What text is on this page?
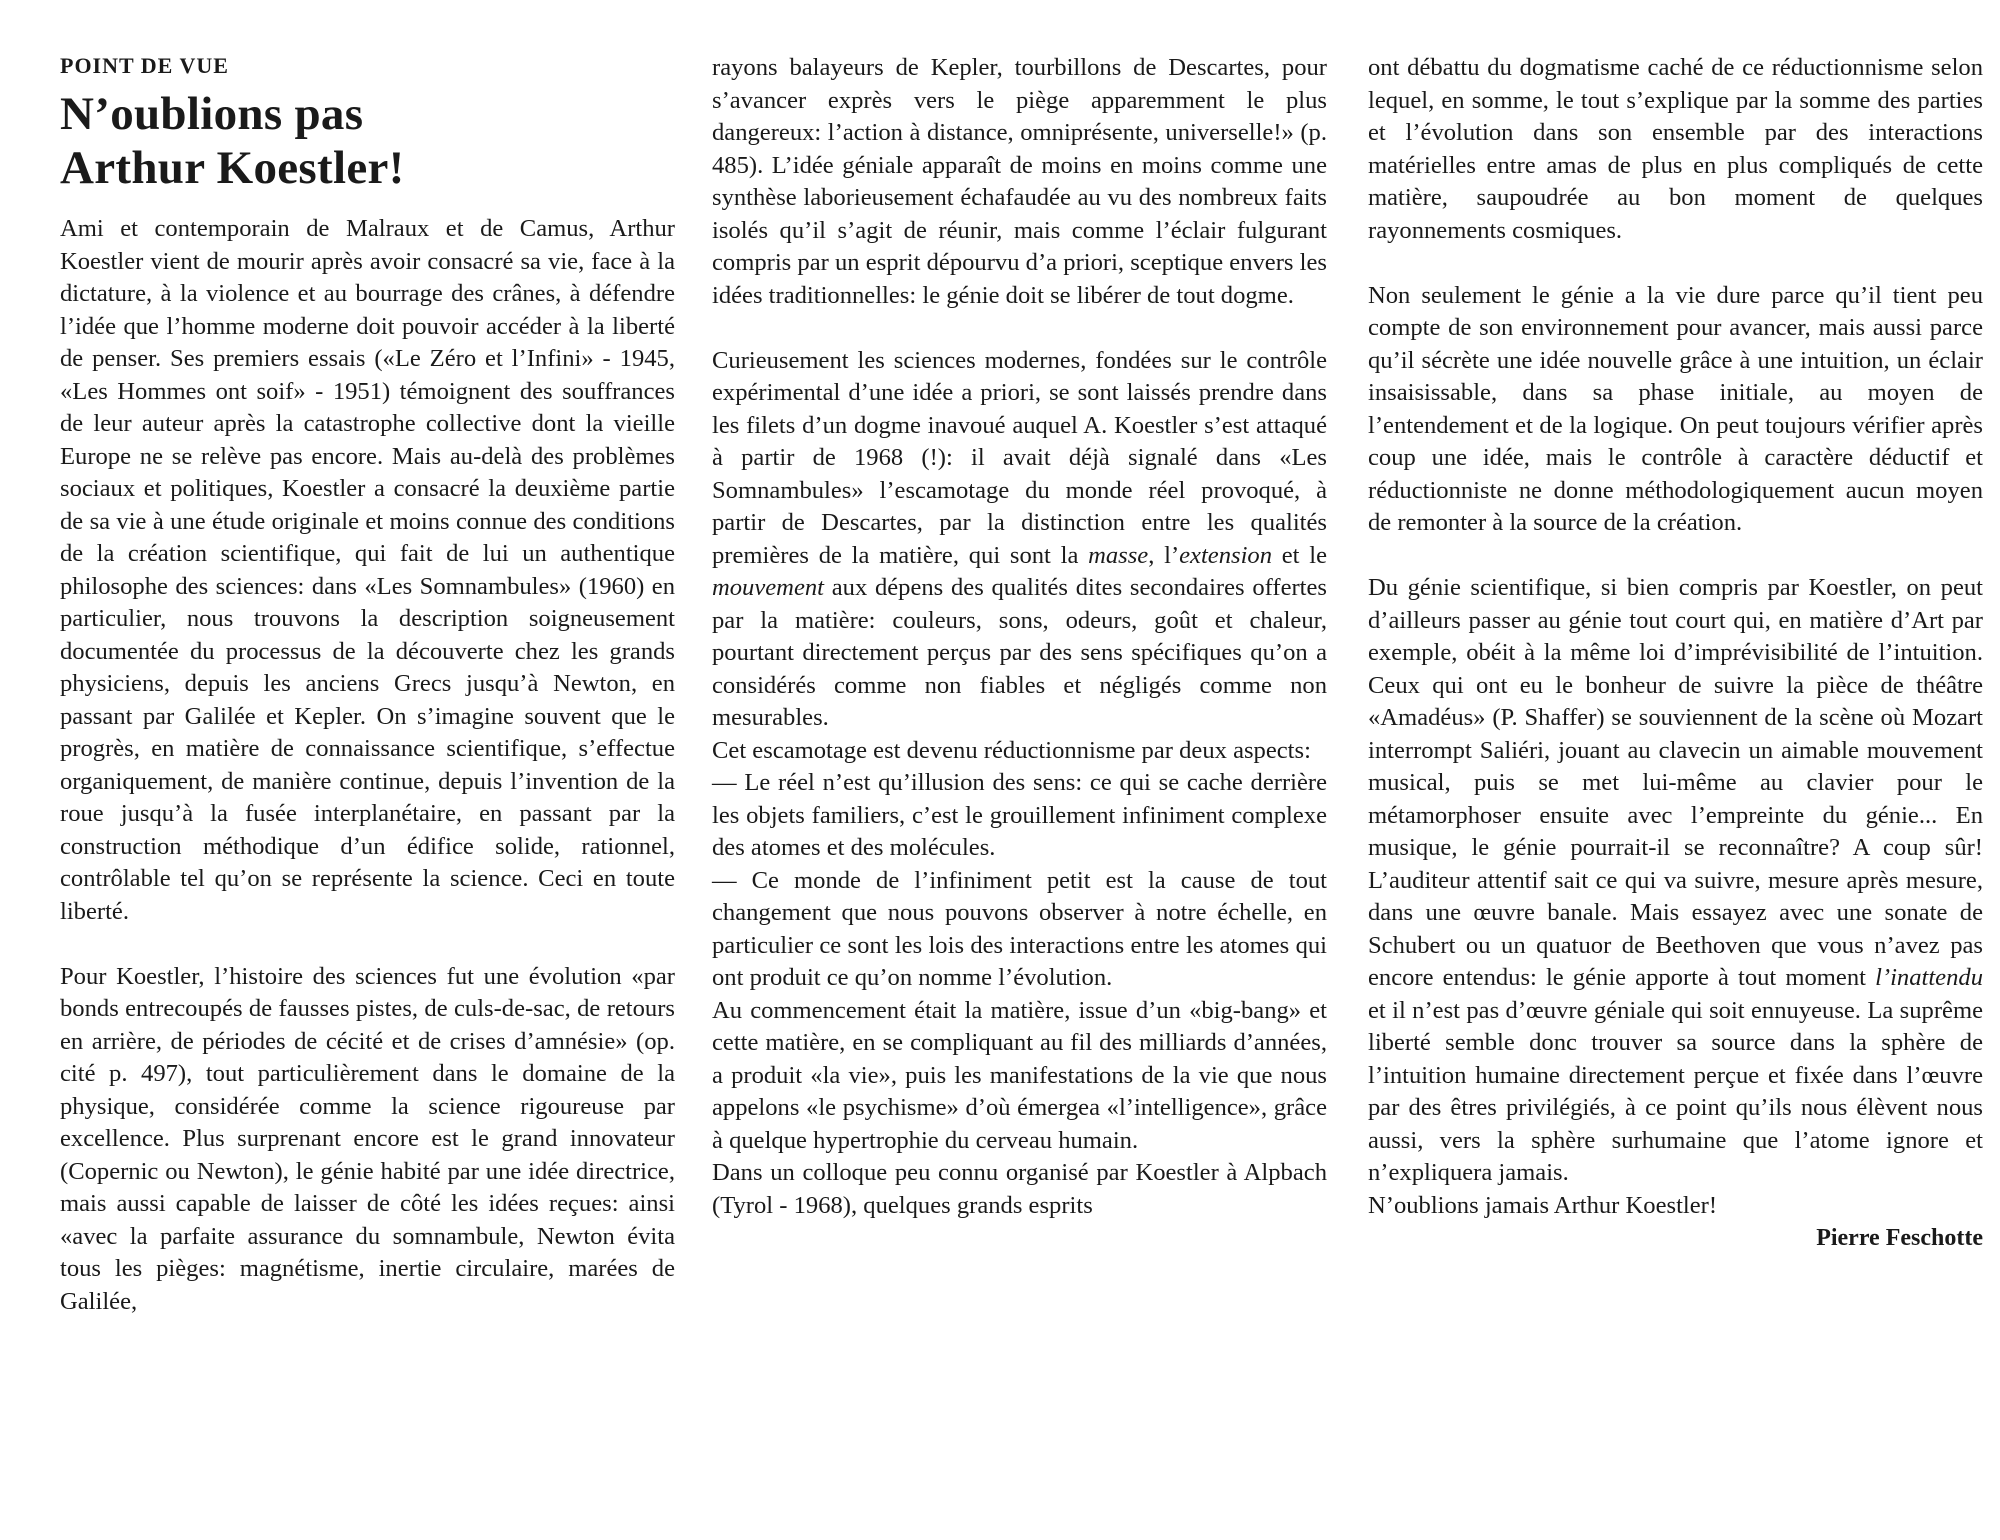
POINT DE VUE

N’oublions pas
Arthur Koestler!

Ami et contemporain de Malraux et de Camus, Arthur Koestler vient de mourir après avoir consacré sa vie, face à la dictature, à la violence et au bourrage des crânes, à défendre l’idée que l’homme moderne doit pouvoir accéder à la liberté de penser. Ses premiers essais («Le Zéro et l’Infini» - 1945, «Les Hommes ont soif» - 1951) témoignent des souffrances de leur auteur après la catastrophe collective dont la vieille Europe ne se relève pas encore. Mais au-delà des problèmes sociaux et politiques, Koestler a consacré la deuxième partie de sa vie à une étude originale et moins connue des conditions de la création scientifique, qui fait de lui un authentique philosophe des sciences: dans «Les Somnambules» (1960) en particulier, nous trouvons la description soigneusement documentée du processus de la découverte chez les grands physiciens, depuis les anciens Grecs jusqu’à Newton, en passant par Galilée et Kepler. On s’imagine souvent que le progrès, en matière de connaissance scientifique, s’effectue organiquement, de manière continue, depuis l’invention de la roue jusqu’à la fusée interplanétaire, en passant par la construction méthodique d’un édifice solide, rationnel, contrôlable tel qu’on se représente la science. Ceci en toute liberté.

Pour Koestler, l’histoire des sciences fut une évolution «par bonds entrecoupés de fausses pistes, de culs-de-sac, de retours en arrière, de périodes de cécité et de crises d’amnésie» (op. cité p. 497), tout particulièrement dans le domaine de la physique, considérée comme la science rigoureuse par excellence. Plus surprenant encore est le grand innovateur (Copernic ou Newton), le génie habité par une idée directrice, mais aussi capable de laisser de côté les idées reçues: ainsi «avec la parfaite assurance du somnambule, Newton évita tous les pièges: magnétisme, inertie circulaire, marées de Galilée,

rayons balayeurs de Kepler, tourbillons de Descartes, pour s’avancer exprès vers le piège apparemment le plus dangereux: l’action à distance, omniprésente, universelle!» (p. 485). L’idée géniale apparaît de moins en moins comme une synthèse laborieusement échafaudée au vu des nombreux faits isolés qu’il s’agit de réunir, mais comme l’éclair fulgurant compris par un esprit dépourvu d’a priori, sceptique envers les idées traditionnelles: le génie doit se libérer de tout dogme.

Curieusement les sciences modernes, fondées sur le contrôle expérimental d’une idée a priori, se sont laissés prendre dans les filets d’un dogme inavoué auquel A. Koestler s’est attaqué à partir de 1968 (!): il avait déjà signalé dans «Les Somnambules» l’escamotage du monde réel provoqué, à partir de Descartes, par la distinction entre les qualités premières de la matière, qui sont la masse, l’extension et le mouvement aux dépens des qualités dites secondaires offertes par la matière: couleurs, sons, odeurs, goût et chaleur, pourtant directement perçus par des sens spécifiques qu’on a considérés comme non fiables et négligés comme non mesurables.

Cet escamotage est devenu réductionnisme par deux aspects:

— Le réel n’est qu’illusion des sens: ce qui se cache derrière les objets familiers, c’est le grouillement infiniment complexe des atomes et des molécules.

— Ce monde de l’infiniment petit est la cause de tout changement que nous pouvons observer à notre échelle, en particulier ce sont les lois des interactions entre les atomes qui ont produit ce qu’on nomme l’évolution.

Au commencement était la matière, issue d’un «big-bang» et cette matière, en se compliquant au fil des milliards d’années, a produit «la vie», puis les manifestations de la vie que nous appelons «le psychisme» d’où émergea «l’intelligence», grâce à quelque hypertrophie du cerveau humain.

Dans un colloque peu connu organisé par Koestler à Alpbach (Tyrol - 1968), quelques grands esprits

ont débattu du dogmatisme caché de ce réductionnisme selon lequel, en somme, le tout s’explique par la somme des parties et l’évolution dans son ensemble par des interactions matérielles entre amas de plus en plus compliqués de cette matière, saupoudrée au bon moment de quelques rayonnements cosmiques.

Non seulement le génie a la vie dure parce qu’il tient peu compte de son environnement pour avancer, mais aussi parce qu’il sécrète une idée nouvelle grâce à une intuition, un éclair insaisissable, dans sa phase initiale, au moyen de l’entendement et de la logique. On peut toujours vérifier après coup une idée, mais le contrôle à caractère déductif et réductionniste ne donne méthodologiquement aucun moyen de remonter à la source de la création.

Du génie scientifique, si bien compris par Koestler, on peut d’ailleurs passer au génie tout court qui, en matière d’Art par exemple, obéit à la même loi d’imprévisibilité de l’intuition. Ceux qui ont eu le bonheur de suivre la pièce de théâtre «Amadéus» (P. Shaffer) se souviennent de la scène où Mozart interrompt Saliéri, jouant au clavecin un aimable mouvement musical, puis se met lui-même au clavier pour le métamorphoser ensuite avec l’empreinte du génie... En musique, le génie pourrait-il se reconnaître? A coup sûr! L’auditeur attentif sait ce qui va suivre, mesure après mesure, dans une œuvre banale. Mais essayez avec une sonate de Schubert ou un quatuor de Beethoven que vous n’avez pas encore entendus: le génie apporte à tout moment l’inattendu et il n’est pas d’œuvre géniale qui soit ennuyeuse. La suprême liberté semble donc trouver sa source dans la sphère de l’intuition humaine directement perçue et fixée dans l’œuvre par des êtres privilégiés, à ce point qu’ils nous élèvent nous aussi, vers la sphère surhumaine que l’atome ignore et n’expliquera jamais.

N’oublions jamais Arthur Koestler!

Pierre Feschotte
